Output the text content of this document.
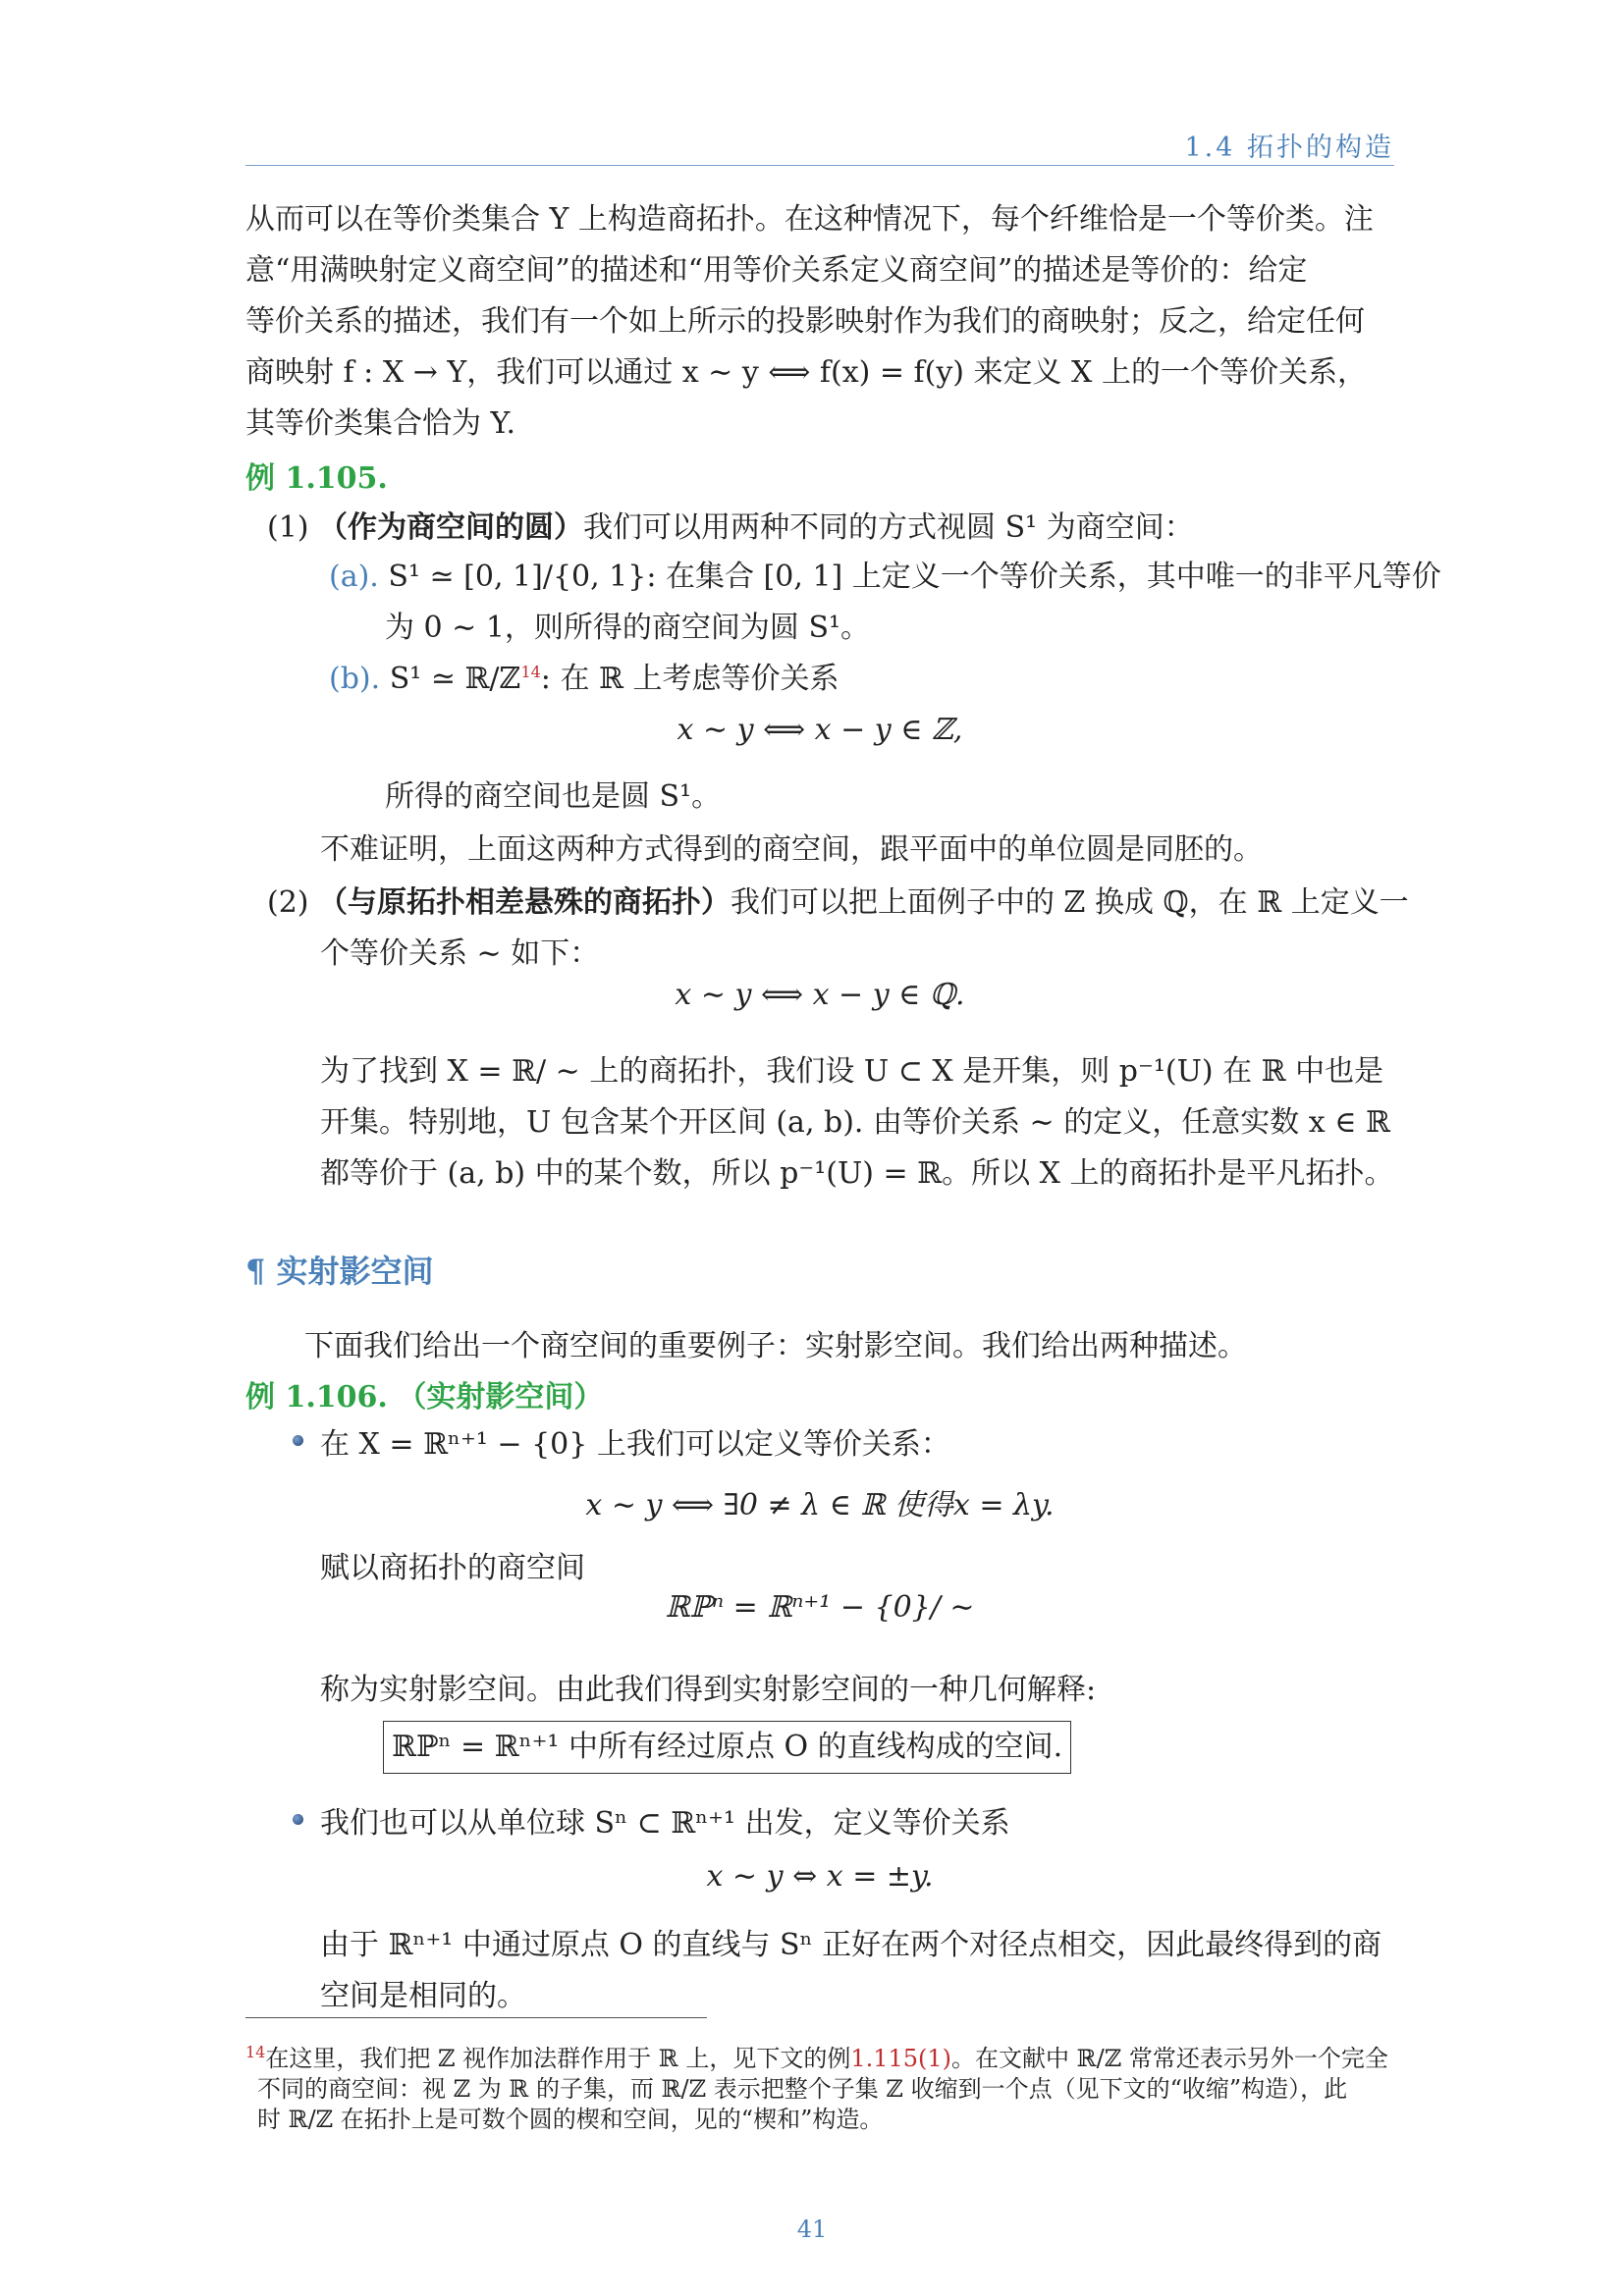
1.4 拓扑的构造
从而可以在等价类集合 Y 上构造商拓扑。在这种情况下，每个纤维恰是一个等价类。注
意“用满映射定义商空间”的描述和“用等价关系定义商空间”的描述是等价的：给定
等价关系的描述，我们有一个如上所示的投影映射作为我们的商映射；反之，给定任何
商映射 f : X → Y，我们可以通过 x ∼ y ⟺ f(x) = f(y) 来定义 X 上的一个等价关系，
其等价类集合恰为 Y.
例 1.105.
(1) （作为商空间的圆）我们可以用两种不同的方式视圆 S¹ 为商空间：
(a). S¹ ≃ [0, 1]/{0, 1}: 在集合 [0, 1] 上定义一个等价关系，其中唯一的非平凡等价
为 0 ∼ 1，则所得的商空间为圆 S¹。
(b). S¹ ≃ ℝ/ℤ$^{14}$: 在 ℝ 上考虑等价关系
x ∼ y ⟺ x − y ∈ ℤ,
所得的商空间也是圆 S¹。
不难证明，上面这两种方式得到的商空间，跟平面中的单位圆是同胚的。
(2) （与原拓扑相差悬殊的商拓扑）我们可以把上面例子中的 ℤ 换成 ℚ，在 ℝ 上定义一
个等价关系 ∼ 如下：
x ∼ y ⟺ x − y ∈ ℚ.
为了找到 X = ℝ/ ∼ 上的商拓扑，我们设 U ⊂ X 是开集，则 p⁻¹(U) 在 ℝ 中也是
开集。特别地，U 包含某个开区间 (a, b). 由等价关系 ∼ 的定义，任意实数 x ∈ ℝ
都等价于 (a, b) 中的某个数，所以 p⁻¹(U) = ℝ。所以 X 上的商拓扑是平凡拓扑。
¶ 实射影空间
下面我们给出一个商空间的重要例子：实射影空间。我们给出两种描述。
例 1.106. （实射影空间）
在 X = ℝⁿ⁺¹ − {0} 上我们可以定义等价关系：
x ∼ y ⟺ ∃0 ≠ λ ∈ ℝ 使得x = λy.
赋以商拓扑的商空间
ℝℙⁿ = ℝⁿ⁺¹ − {0}/ ∼
称为实射影空间。由此我们得到实射影空间的一种几何解释:
ℝℙⁿ = ℝⁿ⁺¹ 中所有经过原点 O 的直线构成的空间.
我们也可以从单位球 Sⁿ ⊂ ℝⁿ⁺¹ 出发，定义等价关系
x ∼ y ⇔ x = ±y.
由于 ℝⁿ⁺¹ 中通过原点 O 的直线与 Sⁿ 正好在两个对径点相交，因此最终得到的商
空间是相同的。
$^{14}$在这里，我们把 ℤ 视作加法群作用于 ℝ 上，见下文的例1.115(1)。在文献中 ℝ/ℤ 常常还表示另外一个完全
不同的商空间：视 ℤ 为 ℝ 的子集，而 ℝ/ℤ 表示把整个子集 ℤ 收缩到一个点（见下文的“收缩”构造），此
时 ℝ/ℤ 在拓扑上是可数个圆的楔和空间，见的“楔和”构造。
41
